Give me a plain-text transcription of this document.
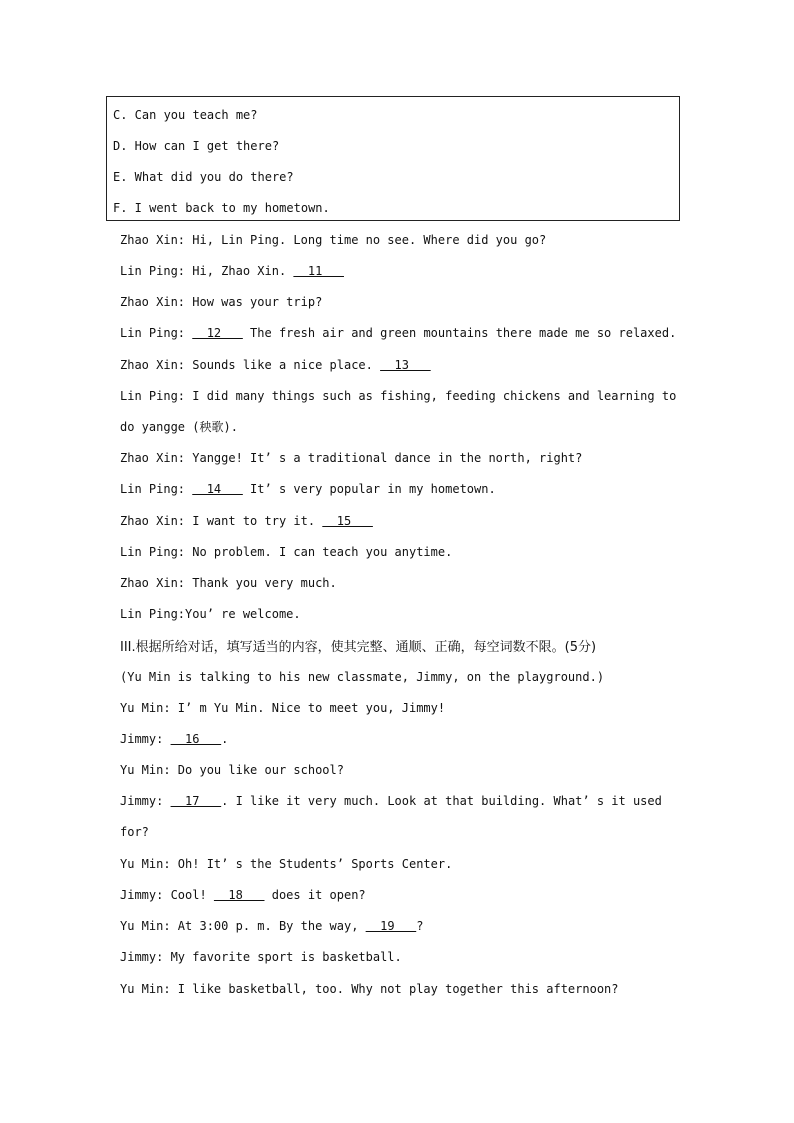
C. Can you teach me?
D. How can I get there?
E. What did you do there?
F. I went back to my hometown.
Zhao Xin: Hi, Lin Ping. Long time no see. Where did you go?
Lin Ping: Hi, Zhao Xin.   11
Zhao Xin: How was your trip?
Lin Ping:   12    The fresh air and green mountains there made me so relaxed.
Zhao Xin: Sounds like a nice place.   13
Lin Ping: I did many things such as fishing, feeding chickens and learning to
do yangge (秧歌).
Zhao Xin: Yangge! It’ s a traditional dance in the north, right?
Lin Ping:   14    It’ s very popular in my hometown.
Zhao Xin: I want to try it.   15
Lin Ping: No problem. I can teach you anytime.
Zhao Xin: Thank you very much.
Lin Ping:You’ re welcome.
III.根据所给对话，填写适当的内容，使其完整、通顺、正确，每空词数不限。(5分)
(Yu Min is talking to his new classmate, Jimmy, on the playground.)
Yu Min: I’ m Yu Min. Nice to meet you, Jimmy!
Jimmy:   16   .
Yu Min: Do you like our school?
Jimmy:   17   . I like it very much. Look at that building. What’ s it used
for?
Yu Min: Oh! It’ s the Students’ Sports Center.
Jimmy: Cool!   18    does it open?
Yu Min: At 3:00 p. m. By the way,   19   ?
Jimmy: My favorite sport is basketball.
Yu Min: I like basketball, too. Why not play together this afternoon?
